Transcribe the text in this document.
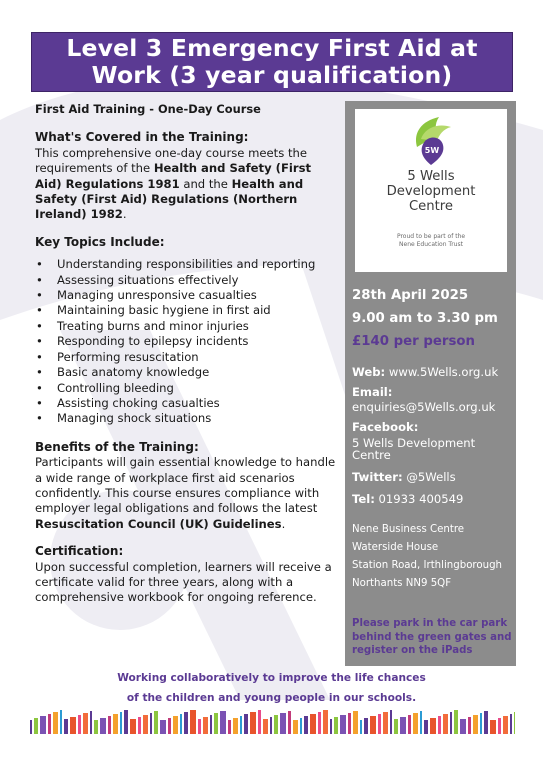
Level 3 Emergency First Aid at Work (3 year qualification)

First Aid Training - One-Day Course

What's Covered in the Training:

This comprehensive one-day course meets the requirements of the Health and Safety (First Aid) Regulations 1981 and the Health and Safety (First Aid) Regulations (Northern Ireland) 1982.

Key Topics Include:

• Understanding responsibilities and reporting
• Assessing situations effectively
• Managing unresponsive casualties
• Maintaining basic hygiene in first aid
• Treating burns and minor injuries
• Responding to epilepsy incidents
• Performing resuscitation
• Basic anatomy knowledge
• Controlling bleeding
• Assisting choking casualties
• Managing shock situations

Benefits of the Training:

Participants will gain essential knowledge to handle a wide range of workplace first aid scenarios confidently. This course ensures compliance with employer legal obligations and follows the latest Resuscitation Council (UK) Guidelines.

Certification:

Upon successful completion, learners will receive a certificate valid for three years, along with a comprehensive workbook for ongoing reference.

5W
5 Wells
Development
Centre
Proud to be part of the
Nene Education Trust
28th April 2025
9.00 am to 3.30 pm
£140 per person
Web: www.5Wells.org.uk
Email:
enquiries@5Wells.org.uk
Facebook:
5 Wells Development Centre
Twitter: @5Wells
Tel: 01933 400549
Nene Business Centre
Waterside House
Station Road, Irthlingborough
Northants NN9 5QF
Please park in the car park behind the green gates and register on the iPads
Working collaboratively to improve the life chances
of the children and young people in our schools.
